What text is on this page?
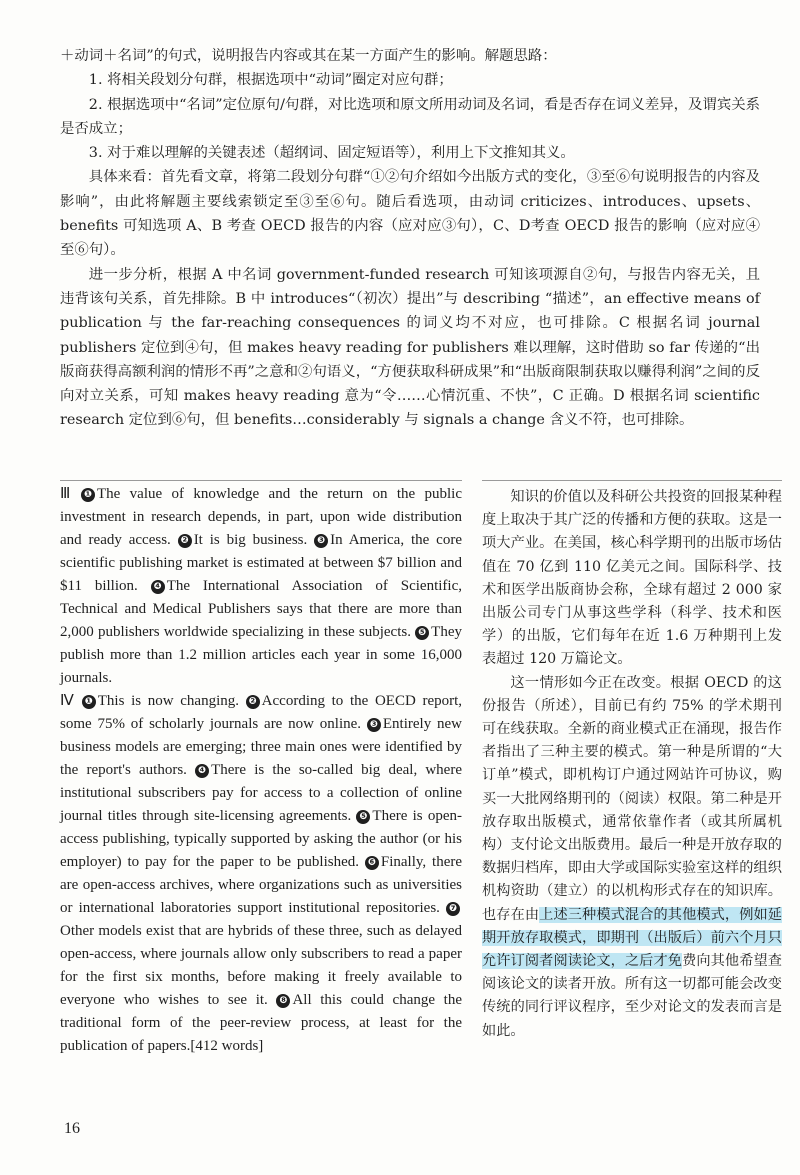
＋动词＋名词”的句式，说明报告内容或其在某一方面产生的影响。解题思路：

1. 将相关段划分句群，根据选项中“动词”圈定对应句群；

2. 根据选项中“名词”定位原句/句群，对比选项和原文所用动词及名词，看是否存在词义差异，及谓宾关系是否成立；

3. 对于难以理解的关键表述（超纲词、固定短语等），利用上下文推知其义。

具体来看：首先看文章，将第二段划分句群“①②句介绍如今出版方式的变化，③至⑥句说明报告的内容及影响”，由此将解题主要线索锁定至③至⑥句。随后看选项，由动词 criticizes、introduces、upsets、benefits 可知选项 A、B 考查 OECD 报告的内容（应对应③句），C、D考查 OECD 报告的影响（应对应④至⑥句）。

进一步分析，根据 A 中名词 government-funded research 可知该项源自②句，与报告内容无关，且违背该句关系，首先排除。B 中 introduces“（初次）提出”与 describing “描述”，an effective means of publication 与 the far-reaching consequences 的词义均不对应，也可排除。C 根据名词 journal publishers 定位到④句，但 makes heavy reading for publishers 难以理解，这时借助 so far 传递的“出版商获得高额利润的情形不再”之意和②句语义，“方便获取科研成果”和“出版商限制获取以赚得利润”之间的反向对立关系，可知 makes heavy reading 意为“令……心情沉重、不快”，C 正确。D 根据名词 scientific research 定位到⑥句，但 benefits…considerably 与 signals a change 含义不符，也可排除。

Ⅲ ❶ The value of knowledge and the return on the public investment in research depends, in part, upon wide distribution and ready access. ❷ It is big business. ❸ In America, the core scientific publishing market is estimated at between $7 billion and $11 billion. ❹ The International Association of Scientific, Technical and Medical Publishers says that there are more than 2,000 publishers worldwide specializing in these subjects. ❺ They publish more than 1.2 million articles each year in some 16,000 journals.

Ⅳ ❶ This is now changing. ❷ According to the OECD report, some 75% of scholarly journals are now online. ❸ Entirely new business models are emerging; three main ones were identified by the report's authors. ❹ There is the so-called big deal, where institutional subscribers pay for access to a collection of online journal titles through site-licensing agreements. ❺ There is open-access publishing, typically supported by asking the author (or his employer) to pay for the paper to be published. ❻ Finally, there are open-access archives, where organizations such as universities or international laboratories support institutional repositories. ❼Other models exist that are hybrids of these three, such as delayed open-access, where journals allow only subscribers to read a paper for the first six months, before making it freely available to everyone who wishes to see it. ❽ All this could change the traditional form of the peer-review process, at least for the publication of papers.[412 words]

知识的价值以及科研公共投资的回报某种程度上取决于其广泛的传播和方便的获取。这是一项大产业。在美国，核心科学期刊的出版市场估值在 70 亿到 110 亿美元之间。国际科学、技术和医学出版商协会称，全球有超过 2 000 家出版公司专门从事这些学科（科学、技术和医学）的出版，它们每年在近 1.6 万种期刊上发表超过 120 万篇论文。

这一情形如今正在改变。根据 OECD 的这份报告（所述），目前已有约 75% 的学术期刊可在线获取。全新的商业模式正在涌现，报告作者指出了三种主要的模式。第一种是所谓的“大订单”模式，即机构订户通过网站许可协议，购买一大批网络期刊的（阅读）权限。第二种是开放存取出版模式，通常依靠作者（或其所属机构）支付论文出版费用。最后一种是开放存取的数据归档库，即由大学或国际实验室这样的组织机构资助（建立）的以机构形式存在的知识库。也存在由上述三种模式混合的其他模式，例如延期开放存取模式，即期刊（出版后）前六个月只允许订阅者阅读论文，之后才免费向其他希望查阅该论文的读者开放。所有这一切都可能会改变传统的同行评议程序，至少对论文的发表而言是如此。

16
